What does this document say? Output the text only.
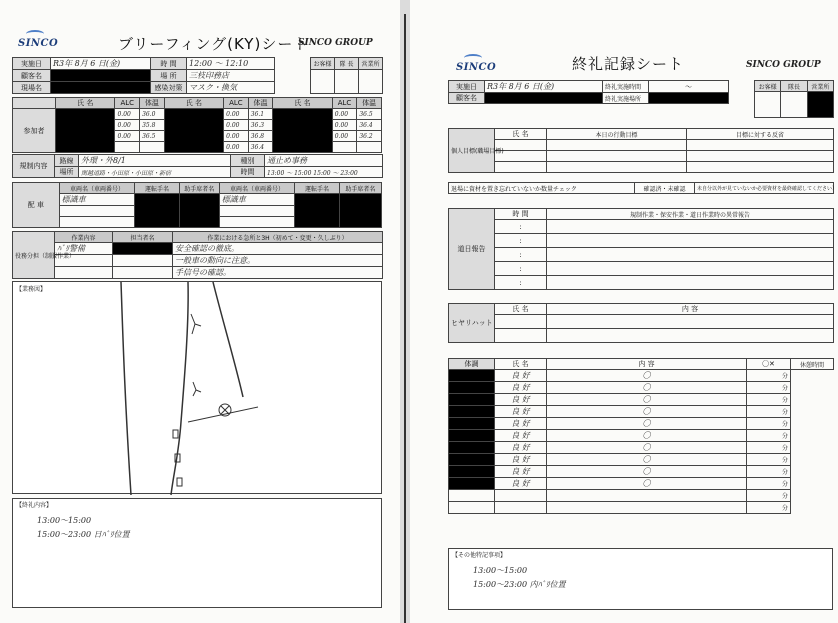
SINCO	ブリーフィング(KY)シート
SINCO GROUP
実施日	R3年 8月 6 日(金)	時 間	12:00 〜 12:10		お客様	隊 長	営業所
顧客名		場 所	三枝印務店				
現場名		感染対策	マスク・換気				
	氏 名	ALC	体温	氏 名	ALC	体温	氏 名	ALC	体温
参加者		0.00	36.0		0.00	36.1		0.00	36.5
		0.00	35.8		0.00	36.3		0.00	36.4
		0.00	36.5		0.00	36.8		0.00	36.2
					0.00	36.4			
規制内容	路線	外環・外8/1	種別	通止め事務
	場所	関越道路・小田原・小田原・新宿	時間	13:00 〜 15:00 15:00 〜 23:00
配 車	車両名（車両番号）	運転手名	助手席者名	車両名（車両番号）	運転手名	助手席者名
	標識車			標識車		

役務分担（制服作業）	作業内容	担当者名	作業における急所と3H（初めて・変更・久しぶり）
	ﾊﾞﾘ警備		安全確認の徹底。
			一般車の動向に注意。
			手信号の確認。
【業務図】
【終礼内容】
13:00〜15:00
15:00〜23:00 日ﾊﾞﾘ位置
SINCO	終礼記録シート	SINCO GROUP
実施日	R3年 8月 6 日(金)	終礼実施時間	〜
顧客名		終礼実施場所	
お客様	隊長	営業所

個人目標(職場目標)	氏 名	本日の行動目標	目標に対する反省

退場に資材を置き忘れていないか数量チェック	確認済・未確認	未自分以外が見ていないか必要資材を最終確認してください）
道日報告	時 間	規制作業・保安作業・道日作業時の異常報告
	:	
	:	
	:	
	:	
	:	
ヒヤリハット	氏 名	内 容

体調	氏 名	内 容	〇✕	休憩時間
	良 好	〇	分	
	良 好	〇	分	
	良 好	〇	分	
	良 好	〇	分	
	良 好	〇	分	
	良 好	〇	分	
	良 好	〇	分	
	良 好	〇	分	
	良 好	〇	分	
	良 好	〇	分	
			分	
			分	
【その他特記事項】
13:00〜15:00
15:00〜23:00 内ﾊﾞﾘ位置
